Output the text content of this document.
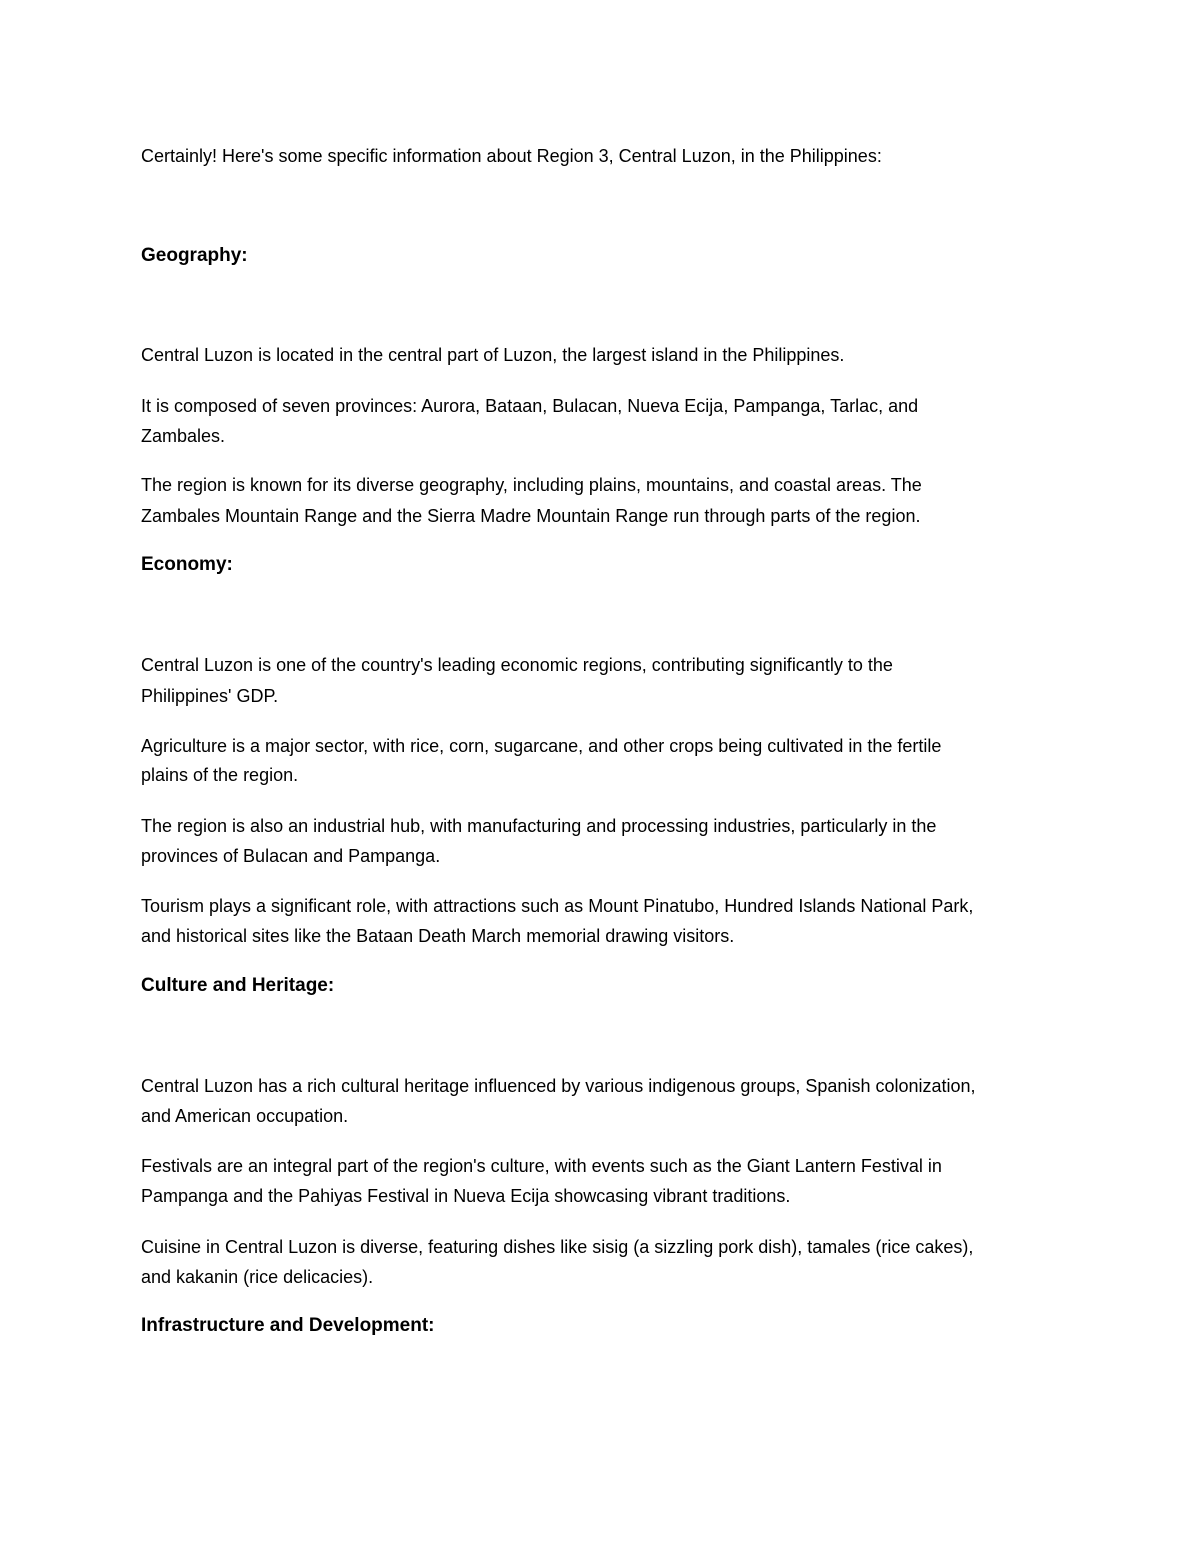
Certainly! Here's some specific information about Region 3, Central Luzon, in the Philippines:

Geography:

Central Luzon is located in the central part of Luzon, the largest island in the Philippines.

It is composed of seven provinces: Aurora, Bataan, Bulacan, Nueva Ecija, Pampanga, Tarlac, and

Zambales.

The region is known for its diverse geography, including plains, mountains, and coastal areas. The

Zambales Mountain Range and the Sierra Madre Mountain Range run through parts of the region.

Economy:

Central Luzon is one of the country's leading economic regions, contributing significantly to the

Philippines' GDP.

Agriculture is a major sector, with rice, corn, sugarcane, and other crops being cultivated in the fertile

plains of the region.

The region is also an industrial hub, with manufacturing and processing industries, particularly in the

provinces of Bulacan and Pampanga.

Tourism plays a significant role, with attractions such as Mount Pinatubo, Hundred Islands National Park,

and historical sites like the Bataan Death March memorial drawing visitors.

Culture and Heritage:

Central Luzon has a rich cultural heritage influenced by various indigenous groups, Spanish colonization,

and American occupation.

Festivals are an integral part of the region's culture, with events such as the Giant Lantern Festival in

Pampanga and the Pahiyas Festival in Nueva Ecija showcasing vibrant traditions.

Cuisine in Central Luzon is diverse, featuring dishes like sisig (a sizzling pork dish), tamales (rice cakes),

and kakanin (rice delicacies).

Infrastructure and Development:
